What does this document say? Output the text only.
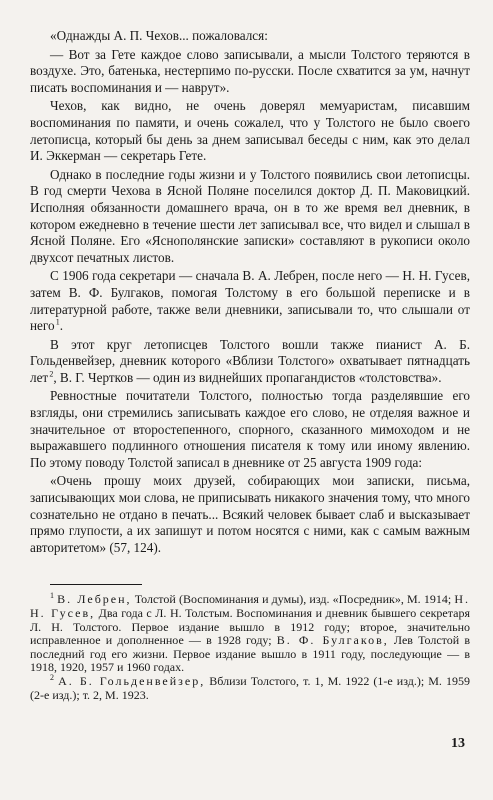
«Однажды А. П. Чехов... пожаловался:

— Вот за Гете каждое слово записывали, а мысли Толстого теряются в воздухе. Это, батенька, нестерпимо по-русски. После схватится за ум, начнут писать воспоминания и — наврут».

Чехов, как видно, не очень доверял мемуаристам, писавшим воспоминания по памяти, и очень сожалел, что у Толстого не было своего летописца, который бы день за днем записывал беседы с ним, как это делал И. Эккерман — секретарь Гете.

Однако в последние годы жизни и у Толстого появились свои летописцы. В год смерти Чехова в Ясной Поляне поселился доктор Д. П. Маковицкий. Исполняя обязанности домашнего врача, он в то же время вел дневник, в котором ежедневно в течение шести лет записывал все, что видел и слышал в Ясной Поляне. Его «Яснополянские записки» составляют в рукописи около двухсот печатных листов.

С 1906 года секретари — сначала В. А. Лебрен, после него — Н. Н. Гусев, затем В. Ф. Булгаков, помогая Толстому в его большой переписке и в литературной работе, также вели дневники, записывали то, что слышали от него $^1$.

В этот круг летописцев Толстого вошли также пианист А. Б. Гольденвейзер, дневник которого «Вблизи Толстого» охватывает пятнадцать лет $^2$, В. Г. Чертков — один из виднейших пропагандистов «толстовства».

Ревностные почитатели Толстого, полностью тогда разделявшие его взгляды, они стремились записывать каждое его слово, не отделяя важное и значительное от второстепенного, спорного, сказанного мимоходом и не выражавшего подлинного отношения писателя к тому или иному явлению. По этому поводу Толстой записал в дневнике от 25 августа 1909 года:

«Очень прошу моих друзей, собирающих мои записки, письма, записывающих мои слова, не приписывать никакого значения тому, что много сознательно не отдано в печать... Всякий человек бывает слаб и высказывает прямо глупости, а их запишут и потом носятся с ними, как с самым важным авторитетом» (57, 124).

$^1$ В. Лебрен, Толстой (Воспоминания и думы), изд. «Посредник», М. 1914; Н. Н. Гусев, Два года с Л. Н. Толстым. Воспоминания и дневник бывшего секретаря Л. Н. Толстого. Первое издание вышло в 1912 году; второе, значительно исправленное и дополненное — в 1928 году; В. Ф. Булгаков, Лев Толстой в последний год его жизни. Первое издание вышло в 1911 году, последующие — в 1918, 1920, 1957 и 1960 годах.

$^2$ А. Б. Гольденвейзер, Вблизи Толстого, т. 1, М. 1922 (1-е изд.); М. 1959 (2-е изд.); т. 2, М. 1923.

13
